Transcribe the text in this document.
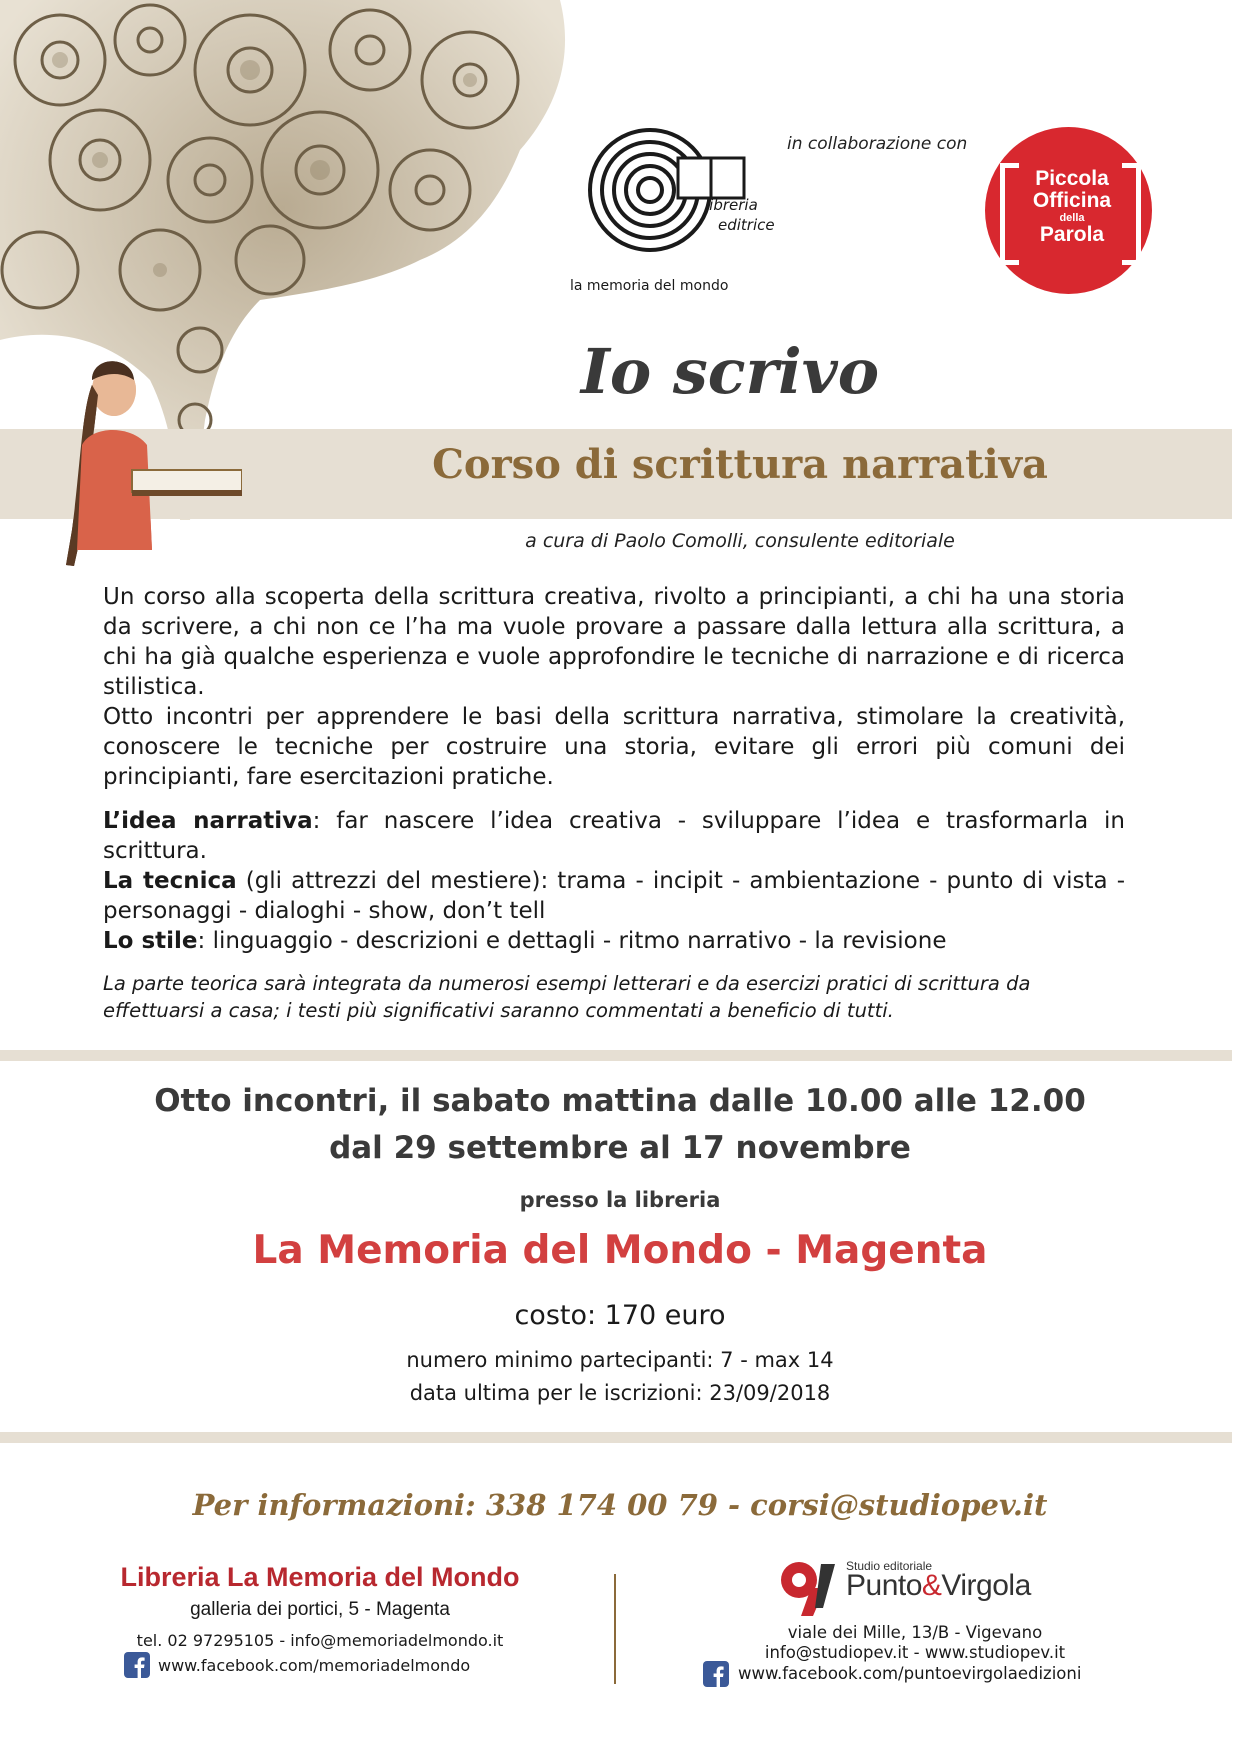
libreria
editrice
la memoria del mondo
in collaborazione con
Piccola
Officina
della
Parola
Io scrivo
Corso di scrittura narrativa
a cura di Paolo Comolli, consulente editoriale

Un corso alla scoperta della scrittura creativa, rivolto a principianti, a chi ha una storia da scrivere, a chi non ce l’ha ma vuole provare a passare dalla lettura alla scrittura, a chi ha già qualche esperienza e vuole approfondire le tecniche di narrazione e di ricerca stilistica.

Otto incontri per apprendere le basi della scrittura narrativa, stimolare la creatività, conoscere le tecniche per costruire una storia, evitare gli errori più comuni dei principianti, fare esercitazioni pratiche.

L’idea narrativa: far nascere l’idea creativa - sviluppare l’idea e trasformarla in scrittura.

La tecnica (gli attrezzi del mestiere): trama - incipit - ambientazione - punto di vista - personaggi - dialoghi - show, don’t tell

Lo stile: linguaggio - descrizioni e dettagli - ritmo narrativo - la revisione

La parte teorica sarà integrata da numerosi esempi letterari e da esercizi pratici di scrittura da effettuarsi a casa; i testi più significativi saranno commentati a beneficio di tutti.
Otto incontri, il sabato mattina dalle 10.00 alle 12.00
dal 29 settembre al 17 novembre
presso la libreria
La Memoria del Mondo - Magenta
costo: 170 euro
numero minimo partecipanti: 7 - max 14
data ultima per le iscrizioni: 23/09/2018
Per informazioni: 338 174 00 79 - corsi@studiopev.it
Libreria La Memoria del Mondo
galleria dei portici, 5 - Magenta
tel. 02 97295105 - info@memoriadelmondo.it
www.facebook.com/memoriadelmondo
Studio editoriale
Punto&Virgola
viale dei Mille, 13/B - Vigevano
info@studiopev.it - www.studiopev.it
www.facebook.com/puntoevirgolaedizioni
